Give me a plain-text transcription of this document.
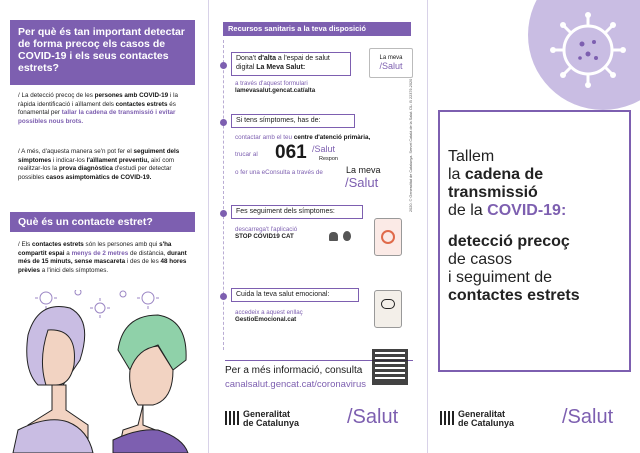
Per què és tan important detectar de forma precoç els casos de COVID-19 i els seus contactes estrets?
/ La detecció precoç de les persones amb COVID-19 i la ràpida identificació i aïllament dels contactes estrets és fonamental per tallar la cadena de transmissió i evitar possibles nous brots.
/ A més, d'aquesta manera se'n pot fer el seguiment dels símptomes i indicar-los l'aïllament preventiu, així com realitzar-los la prova diagnòstica d'estudi per detectar possibles casos asimptomàtics de COVID-19.
Què és un contacte estret?
/ Els contactes estrets són les persones amb qui s'ha compartit espai a menys de 2 metres de distància, durant més de 15 minuts, sense mascareta i des de les 48 hores prèvies a l'inici dels símptomes.
Recursos sanitaris a la teva disposició
Dona't d'alta a l'espai de salut digital La Meva Salut:
a través d'aquest formulari
lamevasalut.gencat.cat/alta
La meva
/Salut
Si tens símptomes, has de:
contactar amb el teu centre d'atenció primària,
trucar al 061 /Salut
Respon
o fer una eConsulta a través de	La meva
/Salut
Fes seguiment dels símptomes:
descarrega't l'aplicació
STOP COVID19 CAT
Cuida la teva salut emocional:
accedeix a aquest enllaç
GestioEmocional.cat
Per a més informació, consulta
canalsalut.gencat.cat/coronavirus
2020. © Generalitat de Catalunya. Servei Català de la Salut. DL: B 22379-2020
Generalitat
de Catalunya /Salut
Tallem
la cadena de
transmissió
de la COVID-19:
detecció precoç
de casos
i seguiment de
contactes estrets
Generalitat
de Catalunya /Salut
